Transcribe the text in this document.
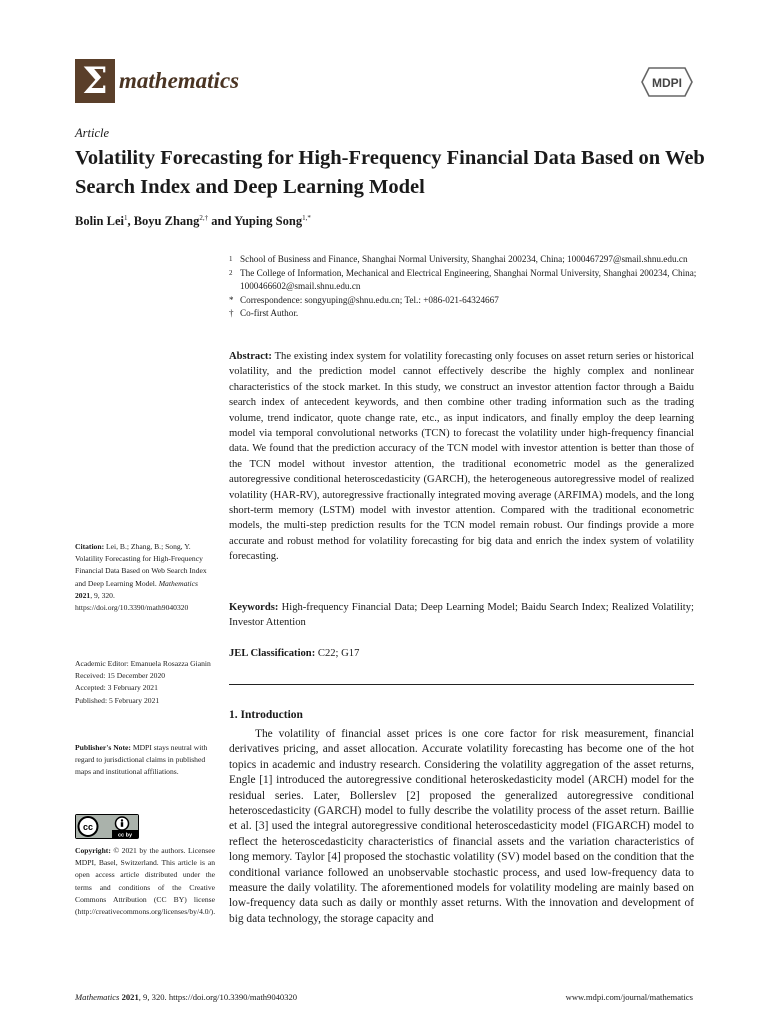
Σ mathematics	MDPI
Article
Volatility Forecasting for High-Frequency Financial Data Based on Web Search Index and Deep Learning Model
Bolin Lei$^1$, Boyu Zhang$^{2,\dagger}$ and Yuping Song$^{1,*}$
1 School of Business and Finance, Shanghai Normal University, Shanghai 200234, China; 1000467297@smail.shnu.edu.cn
2 The College of Information, Mechanical and Electrical Engineering, Shanghai Normal University, Shanghai 200234, China; 1000466602@smail.shnu.edu.cn
* Correspondence: songyuping@shnu.edu.cn; Tel.: +086-021-64324667
† Co-first Author.

Abstract: The existing index system for volatility forecasting only focuses on asset return series or historical volatility, and the prediction model cannot effectively describe the highly complex and nonlinear characteristics of the stock market. In this study, we construct an investor attention factor through a Baidu search index of antecedent keywords, and then combine other trading information such as the trading volume, trend indicator, quote change rate, etc., as input indicators, and finally employ the deep learning model via temporal convolutional networks (TCN) to forecast the volatility under high-frequency financial data. We found that the prediction accuracy of the TCN model with investor attention is better than those of the TCN model without investor attention, the traditional econometric model as the generalized autoregressive conditional heteroscedasticity (GARCH), the heterogeneous autoregressive model of realized volatility (HAR-RV), autoregressive fractionally integrated moving average (ARFIMA) models, and the long short-term memory (LSTM) model with investor attention. Compared with the traditional econometric models, the multi-step prediction results for the TCN model remain robust. Our findings provide a more accurate and robust method for volatility forecasting for big data and enrich the index system of volatility forecasting.

Keywords: High-frequency Financial Data; Deep Learning Model; Baidu Search Index; Realized Volatility; Investor Attention

JEL Classification: C22; G17
1. Introduction

The volatility of financial asset prices is one core factor for risk measurement, financial derivatives pricing, and asset allocation. Accurate volatility forecasting has become one of the hot topics in academic and industry research. Considering the volatility aggregation of the asset returns, Engle [1] introduced the autoregressive conditional heteroskedasticity model (ARCH) model for the residual series. Later, Bollerslev [2] proposed the generalized autoregressive conditional heteroscedasticity (GARCH) model to fully describe the volatility process of the asset return. Baillie et al. [3] used the integral autoregressive conditional heteroscedasticity model (FIGARCH) model to reflect the heteroscedasticity characteristics of financial assets and the variation characteristics of long memory. Taylor [4] proposed the stochastic volatility (SV) model based on the condition that the conditional variance followed an unobservable stochastic process, and used low-frequency data to measure the daily volatility. The aforementioned models for volatility modeling are mainly based on low-frequency data such as daily or monthly asset returns. With the innovation and development of big data technology, the storage capacity and

Citation: Lei, B.; Zhang, B.; Song, Y. Volatility Forecasting for High-Frequency Financial Data Based on Web Search Index and Deep Learning Model. Mathematics 2021, 9, 320. https://doi.org/10.3390/math9040320

Academic Editor: Emanuela Rosazza Gianin
Received: 15 December 2020
Accepted: 3 February 2021
Published: 5 February 2021

Publisher's Note: MDPI stays neutral with regard to jurisdictional claims in published maps and institutional affiliations.

cc
cc by

Copyright: © 2021 by the authors. Licensee MDPI, Basel, Switzerland. This article is an open access article distributed under the terms and conditions of the Creative Commons Attribution (CC BY) license (http://creativecommons.org/licenses/by/4.0/).

Mathematics 2021, 9, 320. https://doi.org/10.3390/math9040320	www.mdpi.com/journal/mathematics
